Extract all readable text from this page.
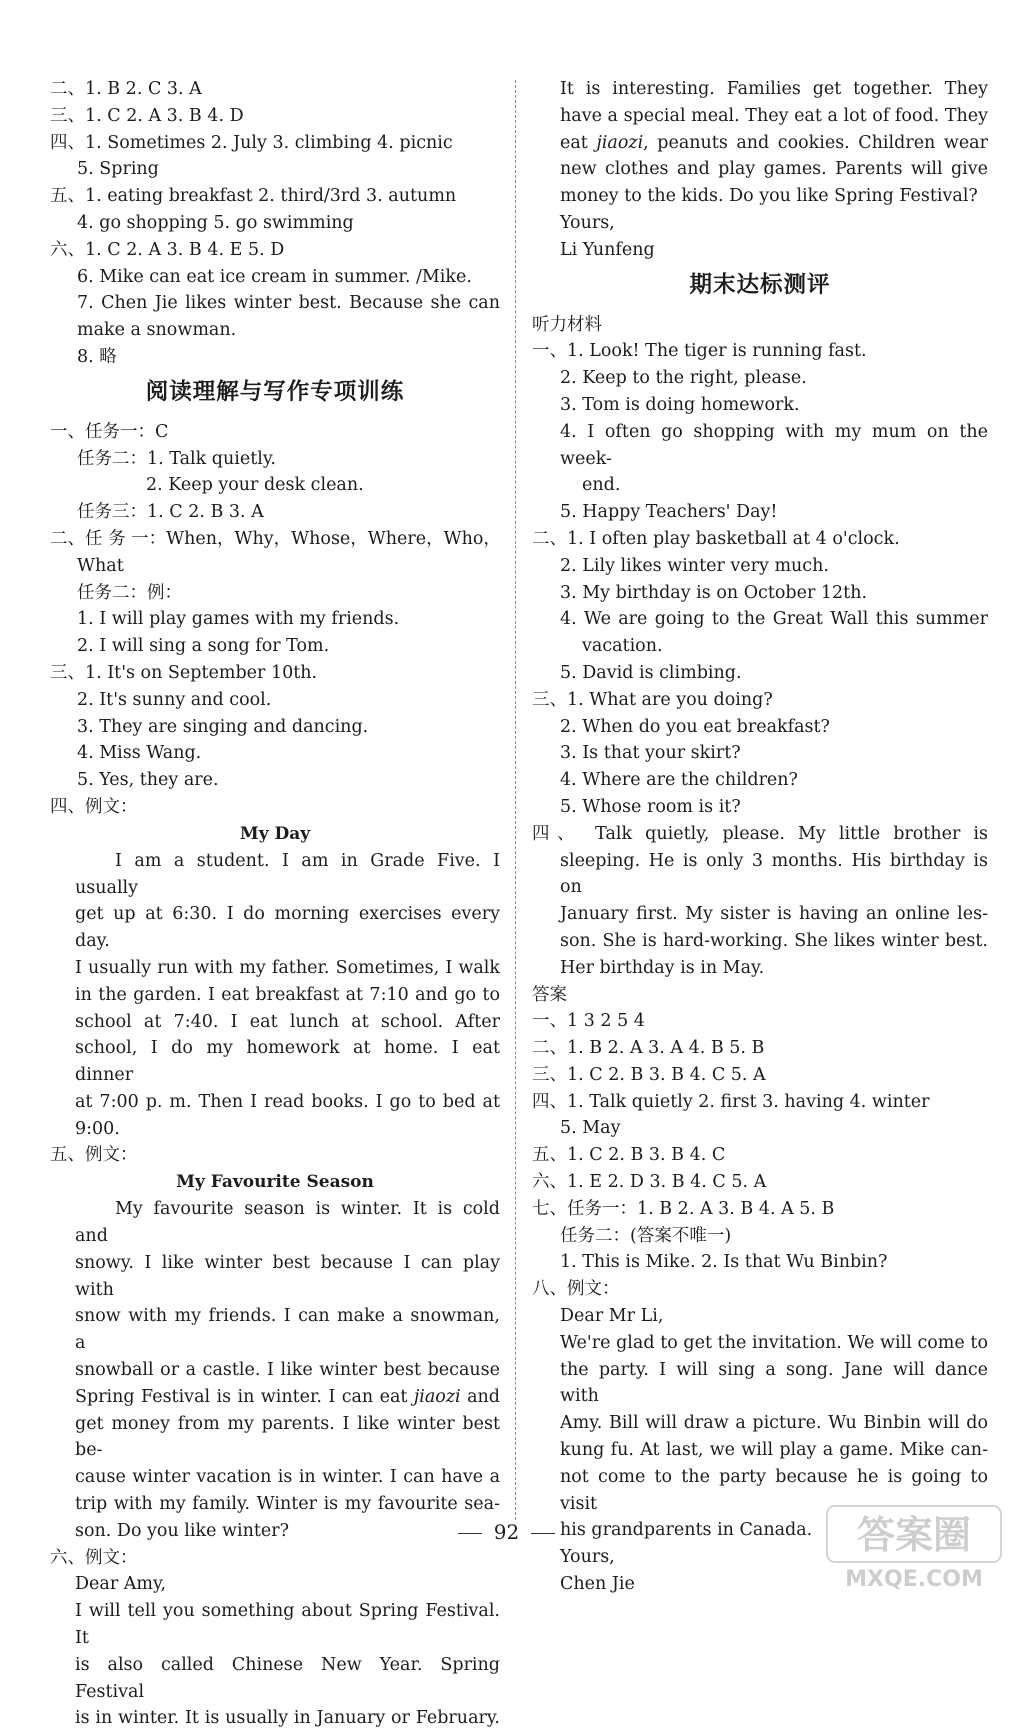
二、1. B 2. C 3. A
三、1. C 2. A 3. B 4. D
四、1. Sometimes 2. July 3. climbing 4. picnic
5. Spring
五、1. eating breakfast 2. third/3rd 3. autumn
4. go shopping 5. go swimming
六、1. C 2. A 3. B 4. E 5. D
6. Mike can eat ice cream in summer. /Mike.
7. Chen Jie likes winter best. Because she can
make a snowman.
8. 略
阅读理解与写作专项训练
一、任务一：C
任务二：1. Talk quietly.
2. Keep your desk clean.
任务三：1. C 2. B 3. A
二、任 务 一：When，Why，Whose，Where，Who，
What
任务二：例：
1. I will play games with my friends.
2. I will sing a song for Tom.
三、1. It's on September 10th.
2. It's sunny and cool.
3. They are singing and dancing.
4. Miss Wang.
5. Yes, they are.
四、例文：
My Day
I am a student. I am in Grade Five. I usually
get up at 6:30. I do morning exercises every day.
I usually run with my father. Sometimes, I walk
in the garden. I eat breakfast at 7:10 and go to
school at 7:40. I eat lunch at school. After
school, I do my homework at home. I eat dinner
at 7:00 p. m. Then I read books. I go to bed at
9:00.
五、例文：
My Favourite Season
My favourite season is winter. It is cold and
snowy. I like winter best because I can play with
snow with my friends. I can make a snowman, a
snowball or a castle. I like winter best because
Spring Festival is in winter. I can eat jiaozi and
get money from my parents. I like winter best be-
cause winter vacation is in winter. I can have a
trip with my family. Winter is my favourite sea-
son. Do you like winter?
六、例文：
Dear Amy,
I will tell you something about Spring Festival. It
is also called Chinese New Year. Spring Festival
is in winter. It is usually in January or February.
It is interesting. Families get together. They
have a special meal. They eat a lot of food. They
eat jiaozi, peanuts and cookies. Children wear
new clothes and play games. Parents will give
money to the kids. Do you like Spring Festival?
Yours,
Li Yunfeng
期末达标测评
听力材料
一、1. Look! The tiger is running fast.
2. Keep to the right, please.
3. Tom is doing homework.
4. I often go shopping with my mum on the week-
end.
5. Happy Teachers' Day!
二、1. I often play basketball at 4 o'clock.
2. Lily likes winter very much.
3. My birthday is on October 12th.
4. We are going to the Great Wall this summer
vacation.
5. David is climbing.
三、1. What are you doing?
2. When do you eat breakfast?
3. Is that your skirt?
4. Where are the children?
5. Whose room is it?
四、 Talk quietly, please. My little brother is
sleeping. He is only 3 months. His birthday is on
January first. My sister is having an online les-
son. She is hard-working. She likes winter best.
Her birthday is in May.
答案
一、1 3 2 5 4
二、1. B 2. A 3. A 4. B 5. B
三、1. C 2. B 3. B 4. C 5. A
四、1. Talk quietly 2. first 3. having 4. winter
5. May
五、1. C 2. B 3. B 4. C
六、1. E 2. D 3. B 4. C 5. A
七、任务一：1. B 2. A 3. B 4. A 5. B
任务二：(答案不唯一)
1. This is Mike. 2. Is that Wu Binbin?
八、例文：
Dear Mr Li,
We're glad to get the invitation. We will come to
the party. I will sing a song. Jane will dance with
Amy. Bill will draw a picture. Wu Binbin will do
kung fu. At last, we will play a game. Mike can-
not come to the party because he is going to visit
his grandparents in Canada.
Yours,
Chen Jie
92	答案圈
MXQE.COM
